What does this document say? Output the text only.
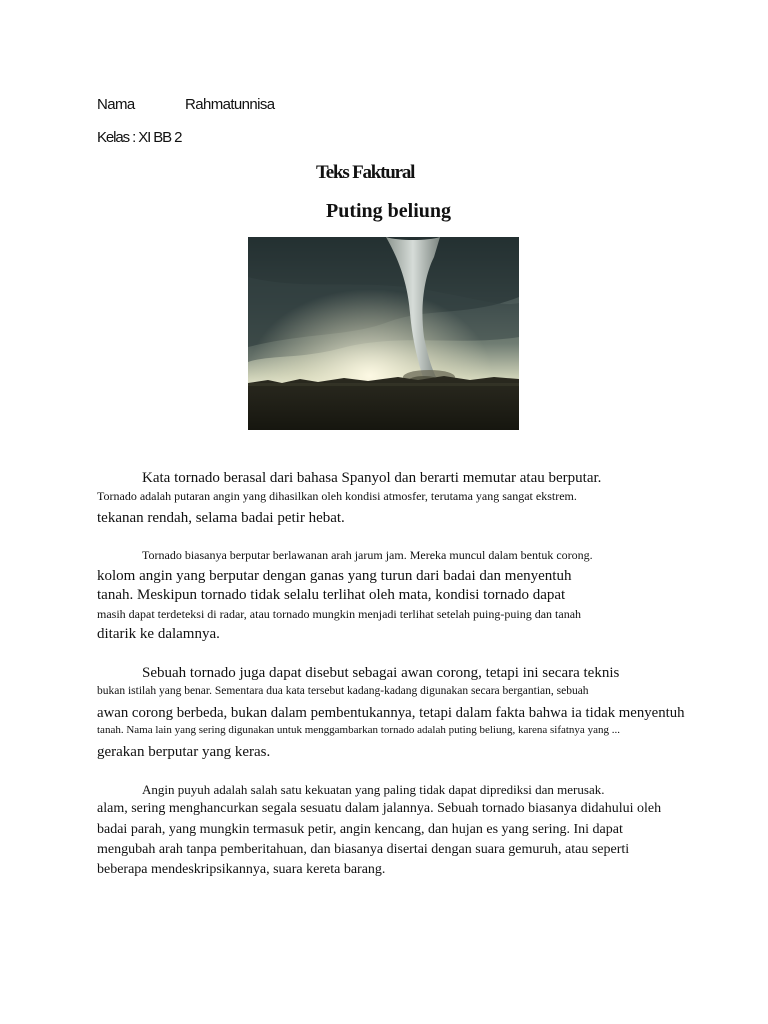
Nama	Rahmatunnisa
Kelas : XI BB 2
Teks Faktural
Puting beliung
Kata tornado berasal dari bahasa Spanyol dan berarti memutar atau berputar.
Tornado adalah putaran angin yang dihasilkan oleh kondisi atmosfer, terutama yang sangat ekstrem.
tekanan rendah, selama badai petir hebat.
Tornado biasanya berputar berlawanan arah jarum jam. Mereka muncul dalam bentuk corong.
kolom angin yang berputar dengan ganas yang turun dari badai dan menyentuh
tanah. Meskipun tornado tidak selalu terlihat oleh mata, kondisi tornado dapat
masih dapat terdeteksi di radar, atau tornado mungkin menjadi terlihat setelah puing-puing dan tanah
ditarik ke dalamnya.
Sebuah tornado juga dapat disebut sebagai awan corong, tetapi ini secara teknis
bukan istilah yang benar. Sementara dua kata tersebut kadang-kadang digunakan secara bergantian, sebuah
awan corong berbeda, bukan dalam pembentukannya, tetapi dalam fakta bahwa ia tidak menyentuh
tanah. Nama lain yang sering digunakan untuk menggambarkan tornado adalah puting beliung, karena sifatnya yang ...
gerakan berputar yang keras.
Angin puyuh adalah salah satu kekuatan yang paling tidak dapat diprediksi dan merusak.
alam, sering menghancurkan segala sesuatu dalam jalannya. Sebuah tornado biasanya didahului oleh
badai parah, yang mungkin termasuk petir, angin kencang, dan hujan es yang sering. Ini dapat
mengubah arah tanpa pemberitahuan, dan biasanya disertai dengan suara gemuruh, atau seperti
beberapa mendeskripsikannya, suara kereta barang.
